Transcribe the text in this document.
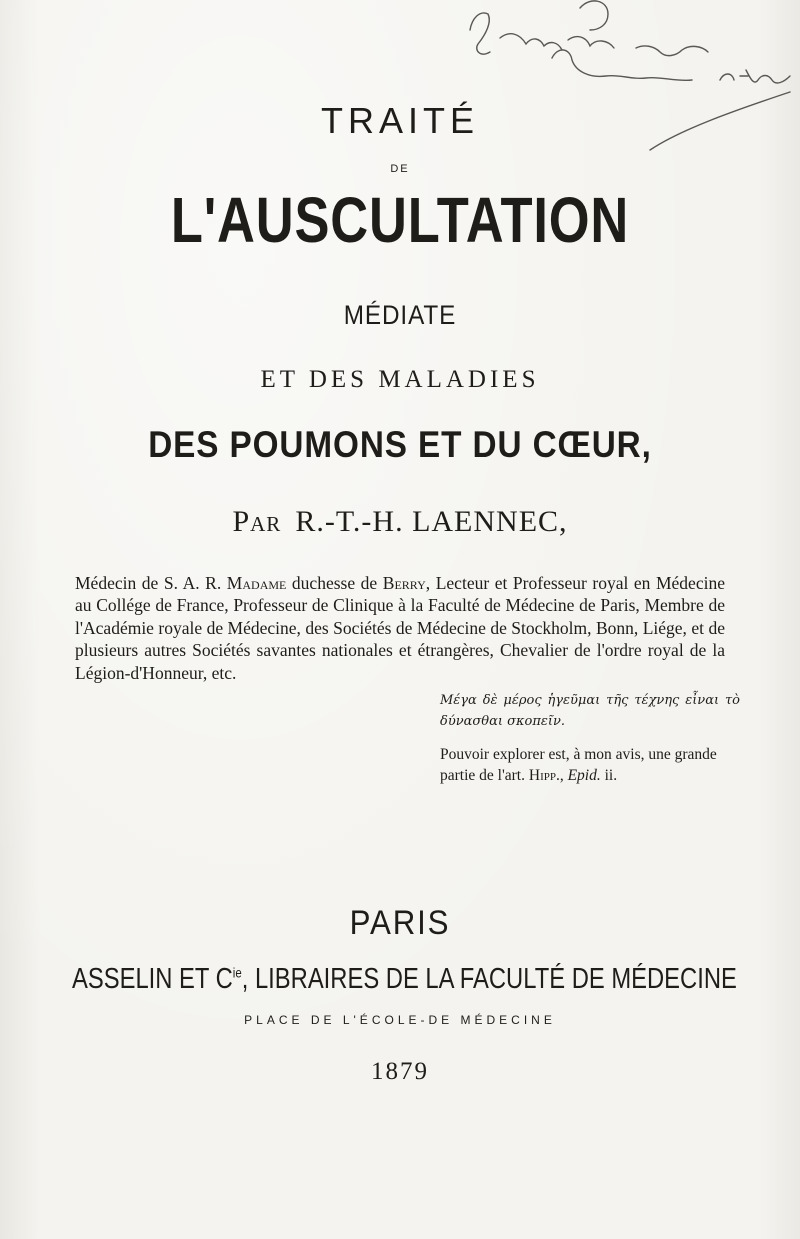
TRAITÉ
DE
L'AUSCULTATION
MÉDIATE
ET DES MALADIES
DES POUMONS ET DU CŒUR,
Par R.-T.-H. LAENNEC,
Médecin de S. A. R. Madame duchesse de Berry, Lecteur et Professeur royal en Médecine au Collége de France, Professeur de Clinique à la Faculté de Médecine de Paris, Membre de l'Académie royale de Médecine, des Sociétés de Médecine de Stockholm, Bonn, Liége, et de plusieurs autres Sociétés savantes nationales et étrangères, Chevalier de l'ordre royal de la Légion-d'Honneur, etc.
Μέγα δὲ μέρος ἡγεῦμαι τῆς τέχνης εἶναι τὸ δύνασθαι σκοπεῖν.
Pouvoir explorer est, à mon avis, une grande partie de l'art. Hipp., Epid. ii.
PARIS
ASSELIN ET $C^{ie}$, LIBRAIRES DE LA FACULTÉ DE MÉDECINE
PLACE DE L'ÉCOLE-DE MÉDECINE
1879
